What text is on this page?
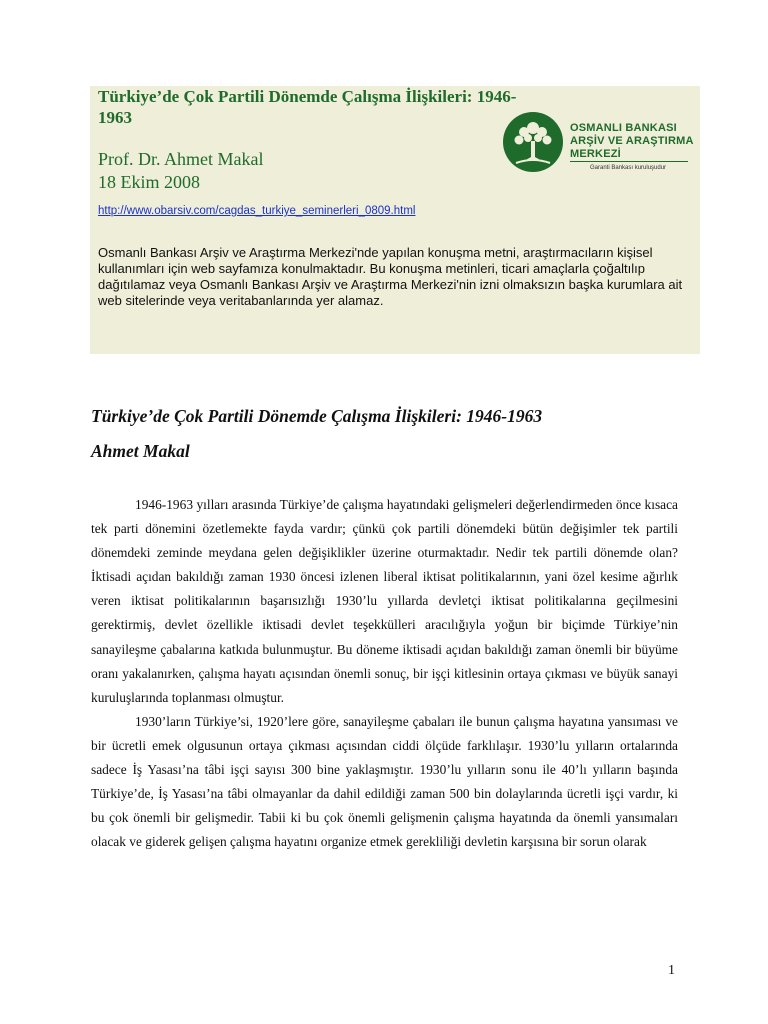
Türkiye’de Çok Partili Dönemde Çalışma İlişkileri: 1946-1963
Prof. Dr. Ahmet Makal
18 Ekim 2008
http://www.obarsiv.com/cagdas_turkiye_seminerleri_0809.html

Osmanlı Bankası Arşiv ve Araştırma Merkezi'nde yapılan konuşma metni, araştırmacıların kişisel kullanımları için web sayfamıza konulmaktadır. Bu konuşma metinleri, ticari amaçlarla çoğaltılıp dağıtılamaz veya Osmanlı Bankası Arşiv ve Araştırma Merkezi'nin izni olmaksızın başka kurumlara ait web sitelerinde veya veritabanlarında yer alamaz.

OSMANLI BANKASI
ARŞİV VE ARAŞTIRMA
MERKEZİ
Garanti Bankası kuruluşudur
Türkiye’de Çok Partili Dönemde Çalışma İlişkileri: 1946-1963
Ahmet Makal

1946-1963 yılları arasında Türkiye’de çalışma hayatındaki gelişmeleri değerlendirmeden önce kısaca tek parti dönemini özetlemekte fayda vardır; çünkü çok partili dönemdeki bütün değişimler tek partili dönemdeki zeminde meydana gelen değişiklikler üzerine oturmaktadır. Nedir tek partili dönemde olan? İktisadi açıdan bakıldığı zaman 1930 öncesi izlenen liberal iktisat politikalarının, yani özel kesime ağırlık veren iktisat politikalarının başarısızlığı 1930’lu yıllarda devletçi iktisat politikalarına geçilmesini gerektirmiş, devlet özellikle iktisadi devlet teşekkülleri aracılığıyla yoğun bir biçimde Türkiye’nin sanayileşme çabalarına katkıda bulunmuştur. Bu döneme iktisadi açıdan bakıldığı zaman önemli bir büyüme oranı yakalanırken, çalışma hayatı açısından önemli sonuç, bir işçi kitlesinin ortaya çıkması ve büyük sanayi kuruluşlarında toplanması olmuştur.

1930’ların Türkiye’si, 1920’lere göre, sanayileşme çabaları ile bunun çalışma hayatına yansıması ve bir ücretli emek olgusunun ortaya çıkması açısından ciddi ölçüde farklılaşır. 1930’lu yılların ortalarında sadece İş Yasası’na tâbi işçi sayısı 300 bine yaklaşmıştır. 1930’lu yılların sonu ile 40’lı yılların başında Türkiye’de, İş Yasası’na tâbi olmayanlar da dahil edildiği zaman 500 bin dolaylarında ücretli işçi vardır, ki bu çok önemli bir gelişmedir. Tabii ki bu çok önemli gelişmenin çalışma hayatında da önemli yansımaları olacak ve giderek gelişen çalışma hayatını organize etmek gerekliliği devletin karşısına bir sorun olarak

1
